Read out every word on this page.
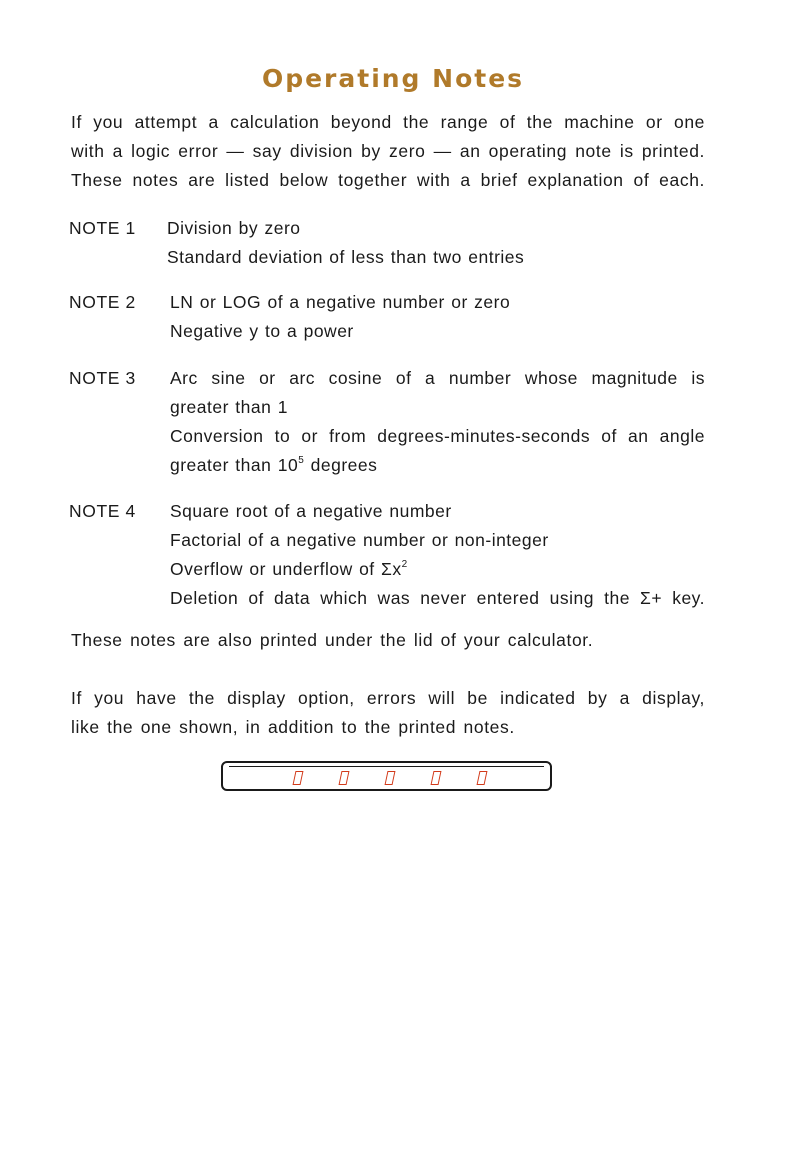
Operating Notes
If you attempt a calculation beyond the range of the machine or one
with a logic error — say division by zero — an operating note is printed.
These notes are listed below together with a brief explanation of each.
NOTE 1 Division by zero
Standard deviation of less than two entries
NOTE 2 LN or LOG of a negative number or zero
Negative y to a power
NOTE 3 Arc sine or arc cosine of a number whose magnitude is
greater than 1
Conversion to or from degrees-minutes-seconds of an angle
greater than $10^5$ degrees
NOTE 4 Square root of a negative number
Factorial of a negative number or non-integer
Overflow or underflow of $\Sigma x^2$
Deletion of data which was never entered using the Σ+ key.
These notes are also printed under the lid of your calculator.
If you have the display option, errors will be indicated by a display,
like the one shown, in addition to the printed notes.
